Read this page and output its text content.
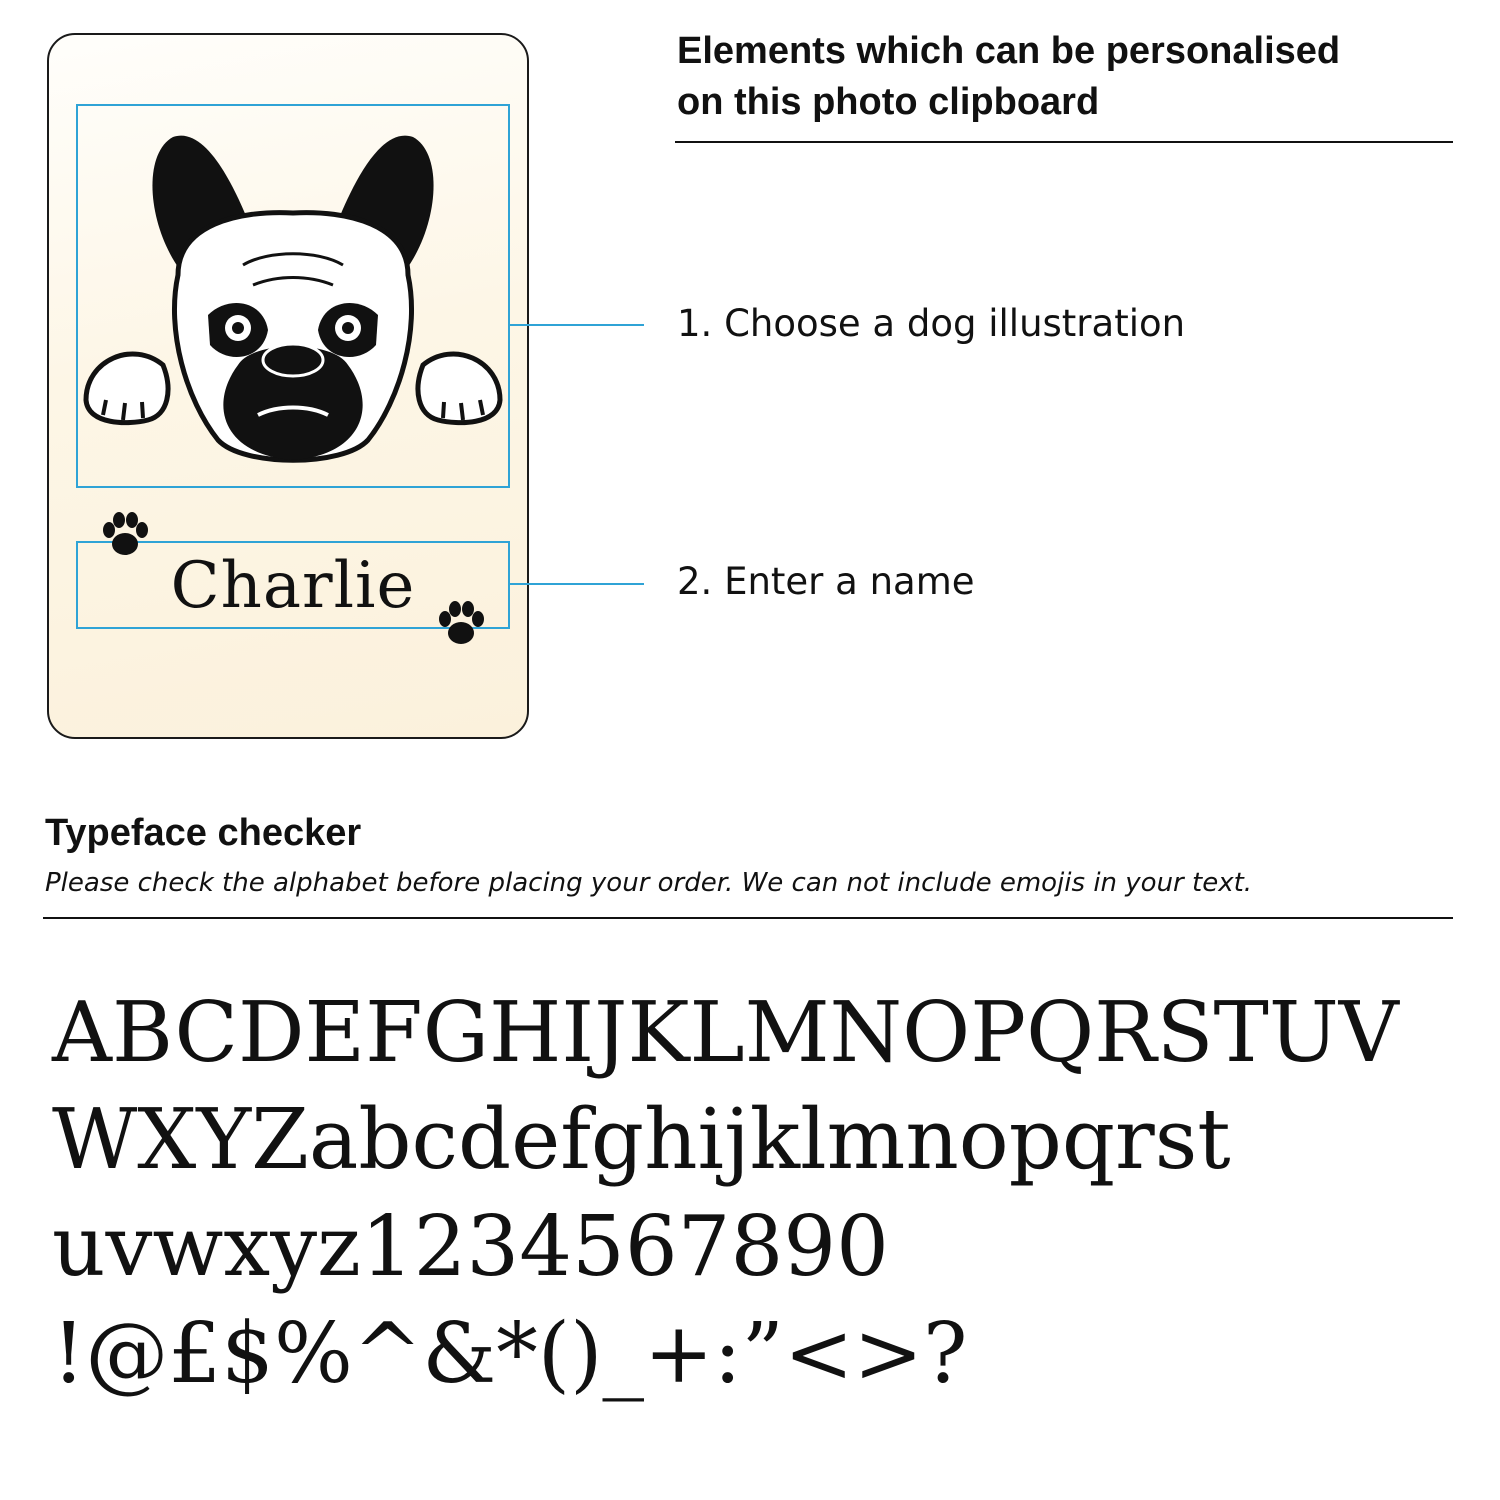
Charlie
Elements which can be personalised
on this photo clipboard
1. Choose a dog illustration
2. Enter a name
Typeface checker
Please check the alphabet before placing your order. We can not include emojis in your text.
ABCDEFGHIJKLMNOPQRSTUV
WXYZabcdefghijklmnopqrst
uvwxyz1234567890
!@£$%^&*()_+:”<>?
